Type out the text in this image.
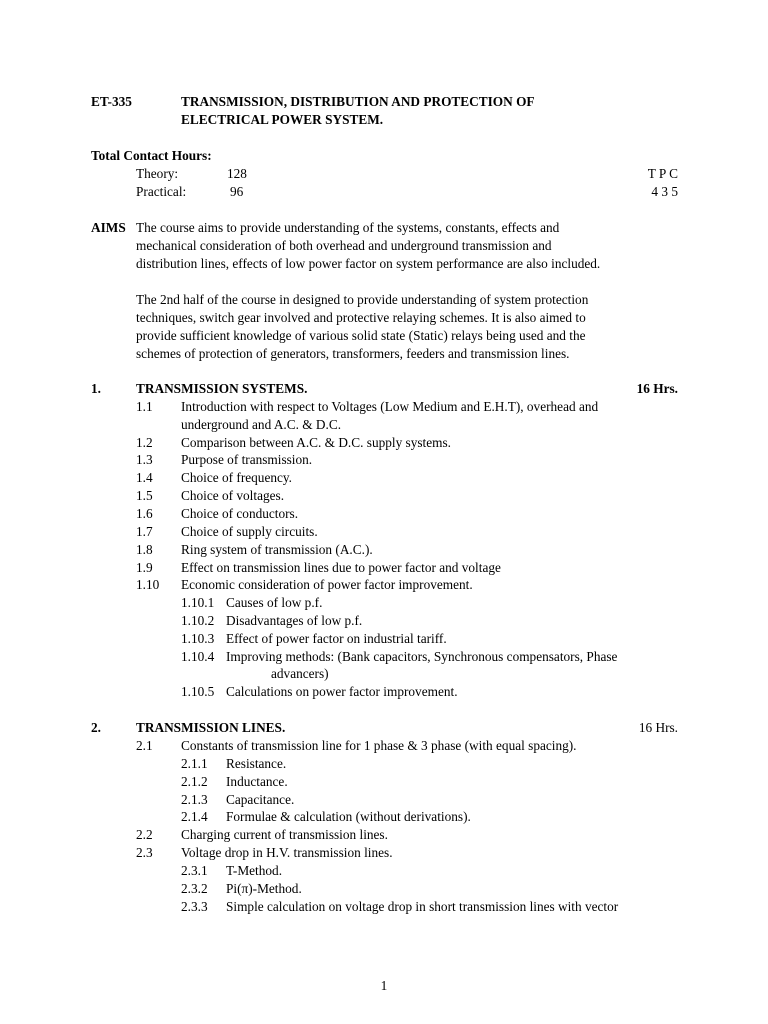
ET-335	TRANSMISSION, DISTRIBUTION AND PROTECTION OF
ELECTRICAL POWER SYSTEM.
Total Contact Hours:
Theory:	128	T P C
Practical:	96	4 3 5
AIMS The course aims to provide understanding of the systems, constants, effects and
mechanical consideration of both overhead and underground transmission and
distribution lines, effects of low power factor on system performance are also included.
The 2nd half of the course in designed to provide understanding of system protection
techniques, switch gear involved and protective relaying schemes. It is also aimed to
provide sufficient knowledge of various solid state (Static) relays being used and the
schemes of protection of generators, transformers, feeders and transmission lines.
1.	TRANSMISSION SYSTEMS.	16 Hrs.
1.1 Introduction with respect to Voltages (Low Medium and E.H.T), overhead and
underground and A.C. & D.C.
1.2 Comparison between A.C. & D.C. supply systems.
1.3 Purpose of transmission.
1.4 Choice of frequency.
1.5 Choice of voltages.
1.6 Choice of conductors.
1.7 Choice of supply circuits.
1.8 Ring system of transmission (A.C.).
1.9 Effect on transmission lines due to power factor and voltage
1.10 Economic consideration of power factor improvement.
1.10.1 Causes of low p.f.
1.10.2 Disadvantages of low p.f.
1.10.3 Effect of power factor on industrial tariff.
1.10.4 Improving methods: (Bank capacitors, Synchronous compensators, Phase
advancers)
1.10.5 Calculations on power factor improvement.
2.	TRANSMISSION LINES.	16 Hrs.
2.1 Constants of transmission line for 1 phase & 3 phase (with equal spacing).
2.1.1 Resistance.
2.1.2 Inductance.
2.1.3 Capacitance.
2.1.4 Formulae & calculation (without derivations).
2.2 Charging current of transmission lines.
2.3 Voltage drop in H.V. transmission lines.
2.3.1 T-Method.
2.3.2 Pi(π)-Method.
2.3.3 Simple calculation on voltage drop in short transmission lines with vector
1
